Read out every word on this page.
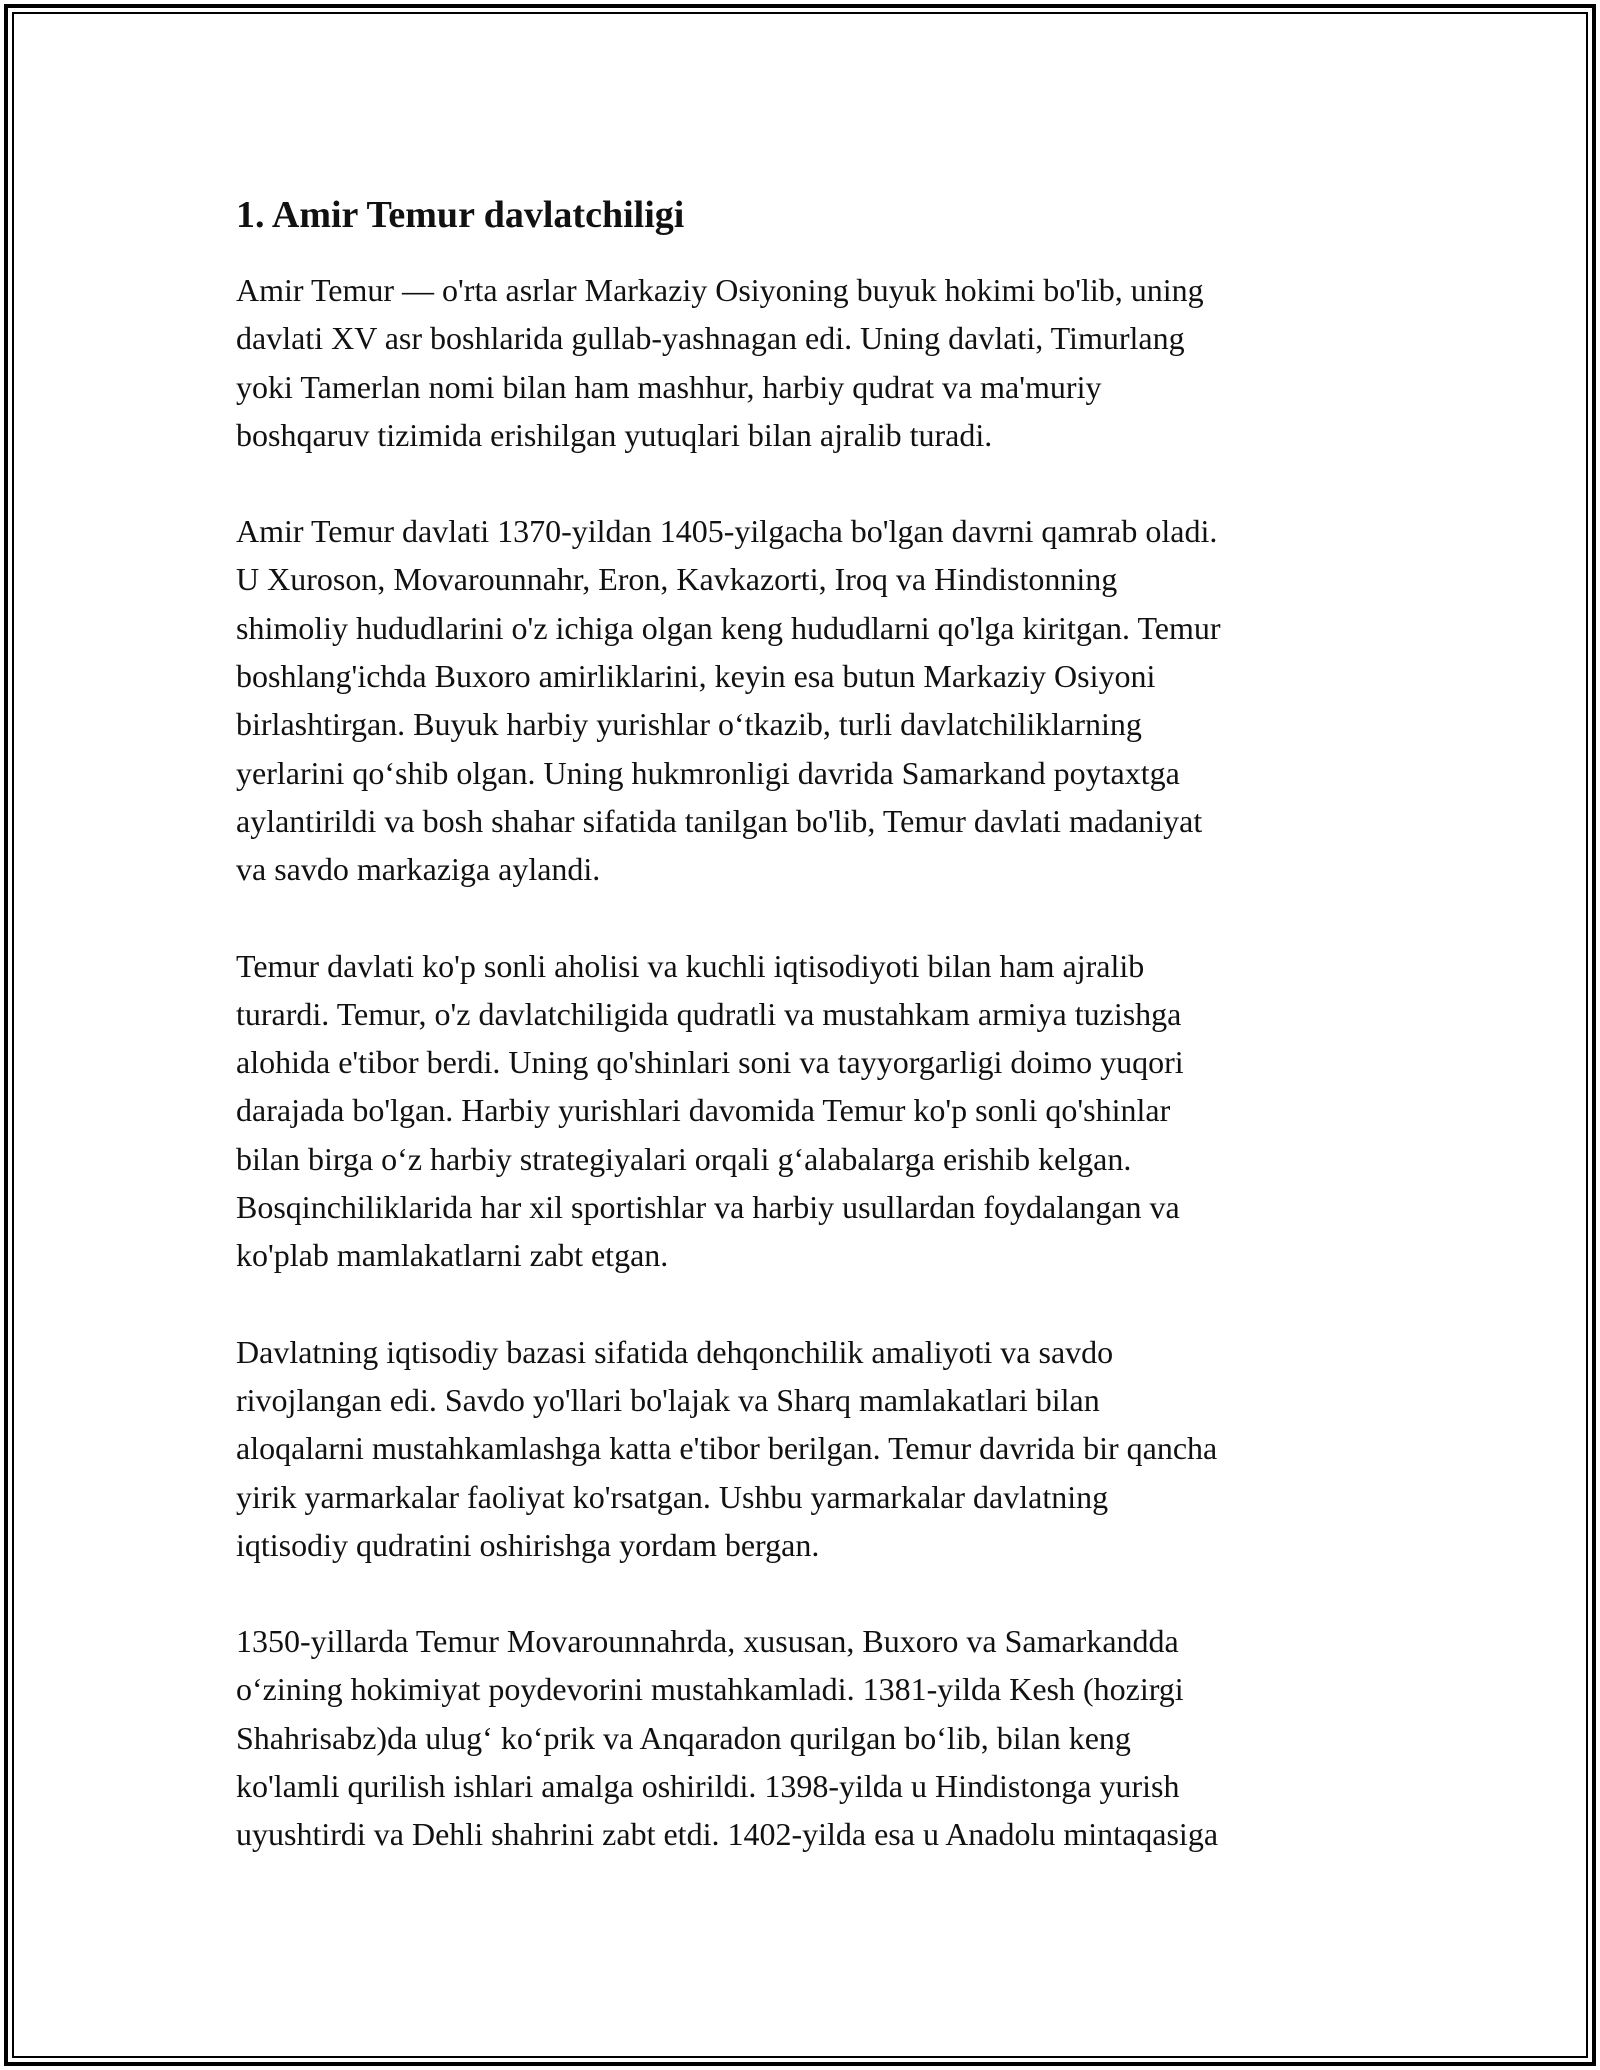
1. Amir Temur davlatchiligi

Amir Temur — o'rta asrlar Markaziy Osiyoning buyuk hokimi bo'lib, uning
davlati XV asr boshlarida gullab-yashnagan edi. Uning davlati, Timurlang
yoki Tamerlan nomi bilan ham mashhur, harbiy qudrat va ma'muriy
boshqaruv tizimida erishilgan yutuqlari bilan ajralib turadi.

Amir Temur davlati 1370-yildan 1405-yilgacha bo'lgan davrni qamrab oladi.
U Xuroson, Movarounnahr, Eron, Kavkazorti, Iroq va Hindistonning
shimoliy hududlarini o'z ichiga olgan keng hududlarni qo'lga kiritgan. Temur
boshlang'ichda Buxoro amirliklarini, keyin esa butun Markaziy Osiyoni
birlashtirgan. Buyuk harbiy yurishlar o‘tkazib, turli davlatchiliklarning
yerlarini qo‘shib olgan. Uning hukmronligi davrida Samarkand poytaxtga
aylantirildi va bosh shahar sifatida tanilgan bo'lib, Temur davlati madaniyat
va savdo markaziga aylandi.

Temur davlati ko'p sonli aholisi va kuchli iqtisodiyoti bilan ham ajralib
turardi. Temur, o'z davlatchiligida qudratli va mustahkam armiya tuzishga
alohida e'tibor berdi. Uning qo'shinlari soni va tayyorgarligi doimo yuqori
darajada bo'lgan. Harbiy yurishlari davomida Temur ko'p sonli qo'shinlar
bilan birga o‘z harbiy strategiyalari orqali g‘alabalarga erishib kelgan.
Bosqinchiliklarida har xil sportishlar va harbiy usullardan foydalangan va
ko'plab mamlakatlarni zabt etgan.

Davlatning iqtisodiy bazasi sifatida dehqonchilik amaliyoti va savdo
rivojlangan edi. Savdo yo'llari bo'lajak va Sharq mamlakatlari bilan
aloqalarni mustahkamlashga katta e'tibor berilgan. Temur davrida bir qancha
yirik yarmarkalar faoliyat ko'rsatgan. Ushbu yarmarkalar davlatning
iqtisodiy qudratini oshirishga yordam bergan.

1350-yillarda Temur Movarounnahrda, xususan, Buxoro va Samarkandda
o‘zining hokimiyat poydevorini mustahkamladi. 1381-yilda Kesh (hozirgi
Shahrisabz)da ulug‘ ko‘prik va Anqaradon qurilgan bo‘lib, bilan keng
ko'lamli qurilish ishlari amalga oshirildi. 1398-yilda u Hindistonga yurish
uyushtirdi va Dehli shahrini zabt etdi. 1402-yilda esa u Anadolu mintaqasiga
